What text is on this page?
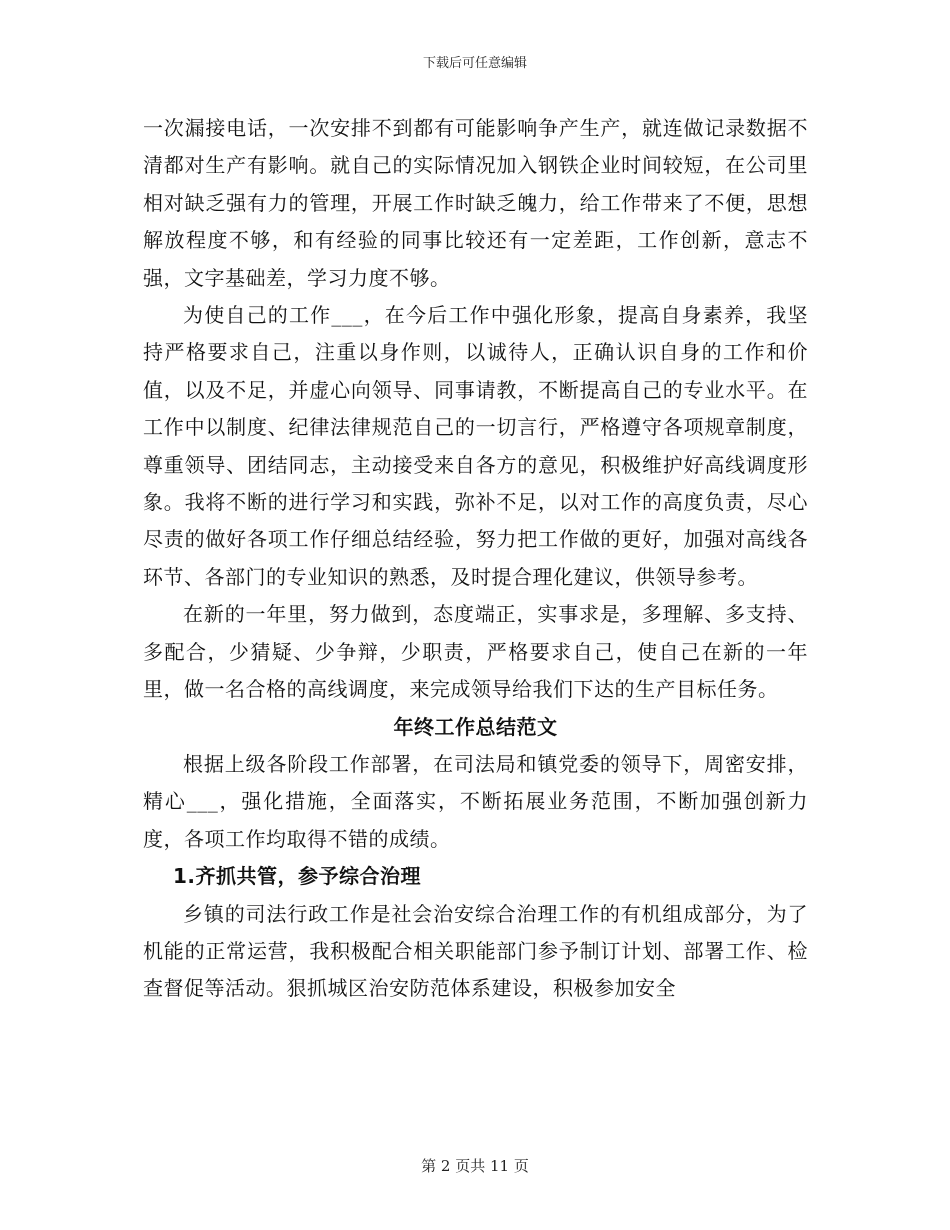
下载后可任意编辑

一次漏接电话，一次安排不到都有可能影响争产生产，就连做记录数据不清都对生产有影响。就自己的实际情况加入钢铁企业时间较短，在公司里相对缺乏强有力的管理，开展工作时缺乏魄力，给工作带来了不便，思想解放程度不够，和有经验的同事比较还有一定差距，工作创新，意志不强，文字基础差，学习力度不够。

为使自己的工作___，在今后工作中强化形象，提高自身素养，我坚持严格要求自己，注重以身作则，以诚待人，正确认识自身的工作和价值，以及不足，并虚心向领导、同事请教，不断提高自己的专业水平。在工作中以制度、纪律法律规范自己的一切言行，严格遵守各项规章制度，尊重领导、团结同志，主动接受来自各方的意见，积极维护好高线调度形象。我将不断的进行学习和实践，弥补不足，以对工作的高度负责，尽心尽责的做好各项工作仔细总结经验，努力把工作做的更好，加强对高线各环节、各部门的专业知识的熟悉，及时提合理化建议，供领导参考。

在新的一年里，努力做到，态度端正，实事求是，多理解、多支持、多配合，少猜疑、少争辩，少职责，严格要求自己，使自己在新的一年里，做一名合格的高线调度，来完成领导给我们下达的生产目标任务。

年终工作总结范文

根据上级各阶段工作部署，在司法局和镇党委的领导下，周密安排，精心___，强化措施，全面落实，不断拓展业务范围，不断加强创新力度，各项工作均取得不错的成绩。

1.齐抓共管，参予综合治理

乡镇的司法行政工作是社会治安综合治理工作的有机组成部分，为了机能的正常运营，我积极配合相关职能部门参予制订计划、部署工作、检查督促等活动。狠抓城区治安防范体系建设，积极参加安全

第 2 页共 11 页
